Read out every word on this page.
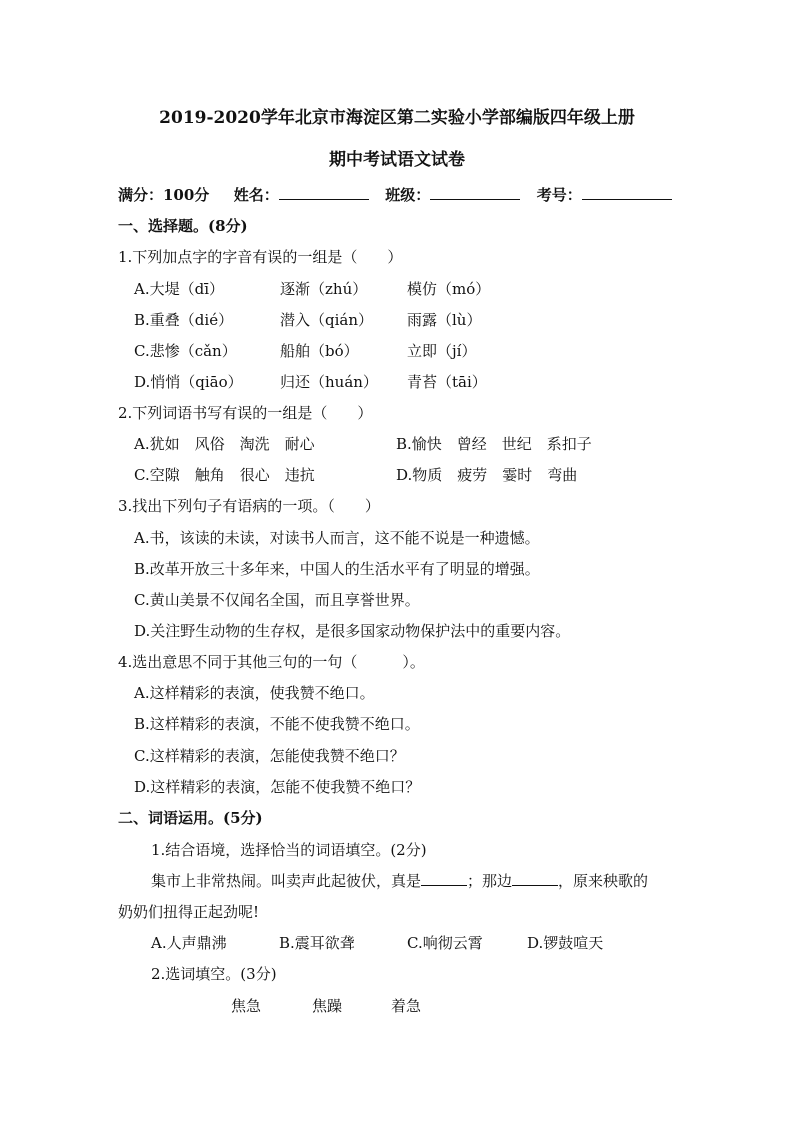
2019-2020学年北京市海淀区第二实验小学部编版四年级上册
期中考试语文试卷
满分：100分 姓名：	班级：	考号：
一、选择题。(8分)
1.下列加点字的字音有误的一组是（　　）
A.大堤（dī）	逐渐（zhú）	模仿（mó）
B.重叠（dié）	潜入（qián） 雨露（lù）
C.悲惨（cǎn）	船舶（bó）	立即（jí）
D.悄悄（qiāo） 归还（huán） 青苔（tāi）
2.下列词语书写有误的一组是（　　）
A.犹如　风俗　淘洗　耐心	B.愉快　曾经　世纪　系扣子
C.空隙　触角　很心　违抗	D.物质　疲劳　霎时　弯曲
3.找出下列句子有语病的一项。（　　）
A.书，该读的未读，对读书人而言，这不能不说是一种遗憾。
B.改革开放三十多年来，中国人的生活水平有了明显的增强。
C.黄山美景不仅闻名全国，而且享誉世界。
D.关注野生动物的生存权，是很多国家动物保护法中的重要内容。
4.选出意思不同于其他三句的一句（　　　）。
A.这样精彩的表演，使我赞不绝口。
B.这样精彩的表演，不能不使我赞不绝口。
C.这样精彩的表演，怎能使我赞不绝口？
D.这样精彩的表演，怎能不使我赞不绝口？
二、词语运用。(5分)
1.结合语境，选择恰当的词语填空。(2分)
集市上非常热闹。叫卖声此起彼伏，真是	；那边	，原来秧歌的
奶奶们扭得正起劲呢!
A.人声鼎沸	B.震耳欲聋	C.响彻云霄	D.锣鼓喧天
2.选词填空。(3分)
焦急	焦躁	着急
